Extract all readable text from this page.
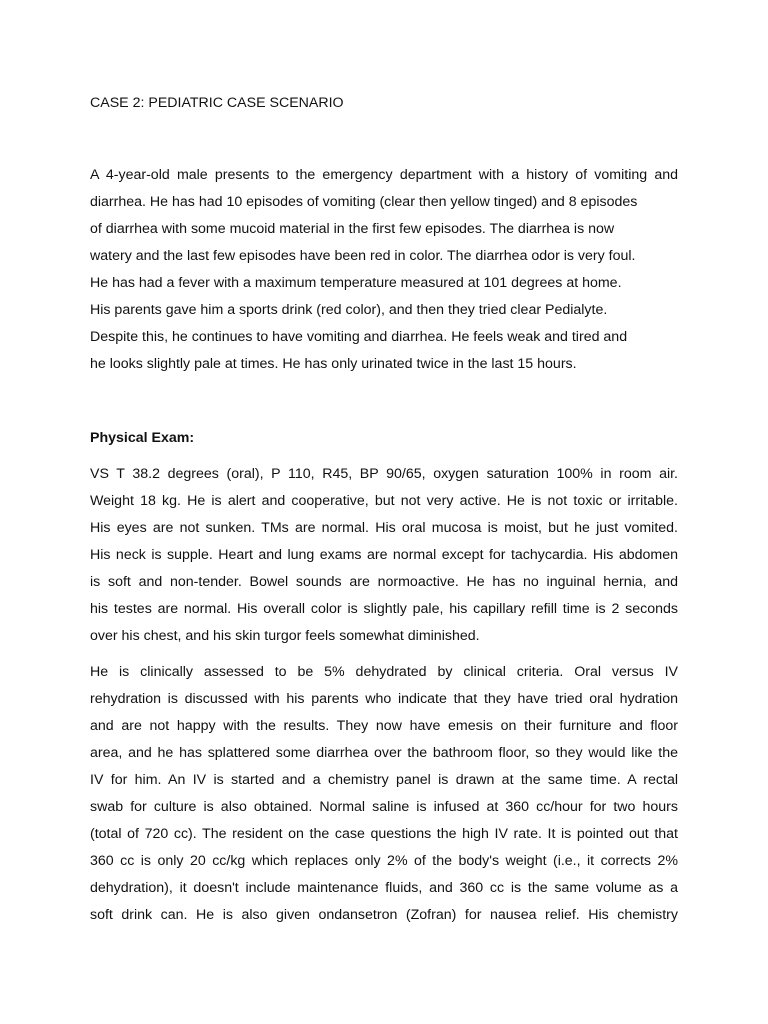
CASE 2: PEDIATRIC CASE SCENARIO
A 4-year-old male presents to the emergency department with a history of vomiting and
diarrhea. He has had 10 episodes of vomiting (clear then yellow tinged) and 8 episodes
of diarrhea with some mucoid material in the first few episodes. The diarrhea is now
watery and the last few episodes have been red in color. The diarrhea odor is very foul.
He has had a fever with a maximum temperature measured at 101 degrees at home.
His parents gave him a sports drink (red color), and then they tried clear Pedialyte.
Despite this, he continues to have vomiting and diarrhea. He feels weak and tired and
he looks slightly pale at times. He has only urinated twice in the last 15 hours.
Physical Exam:
VS T 38.2 degrees (oral), P 110, R45, BP 90/65, oxygen saturation 100% in room air.
Weight 18 kg. He is alert and cooperative, but not very active. He is not toxic or irritable.
His eyes are not sunken. TMs are normal. His oral mucosa is moist, but he just vomited.
His neck is supple. Heart and lung exams are normal except for tachycardia. His abdomen
is soft and non-tender. Bowel sounds are normoactive. He has no inguinal hernia, and
his testes are normal. His overall color is slightly pale, his capillary refill time is 2 seconds
over his chest, and his skin turgor feels somewhat diminished.
He is clinically assessed to be 5% dehydrated by clinical criteria. Oral versus IV
rehydration is discussed with his parents who indicate that they have tried oral hydration
and are not happy with the results. They now have emesis on their furniture and floor
area, and he has splattered some diarrhea over the bathroom floor, so they would like the
IV for him. An IV is started and a chemistry panel is drawn at the same time. A rectal
swab for culture is also obtained. Normal saline is infused at 360 cc/hour for two hours
(total of 720 cc). The resident on the case questions the high IV rate. It is pointed out that
360 cc is only 20 cc/kg which replaces only 2% of the body's weight (i.e., it corrects 2%
dehydration), it doesn't include maintenance fluids, and 360 cc is the same volume as a
soft drink can. He is also given ondansetron (Zofran) for nausea relief. His chemistry
